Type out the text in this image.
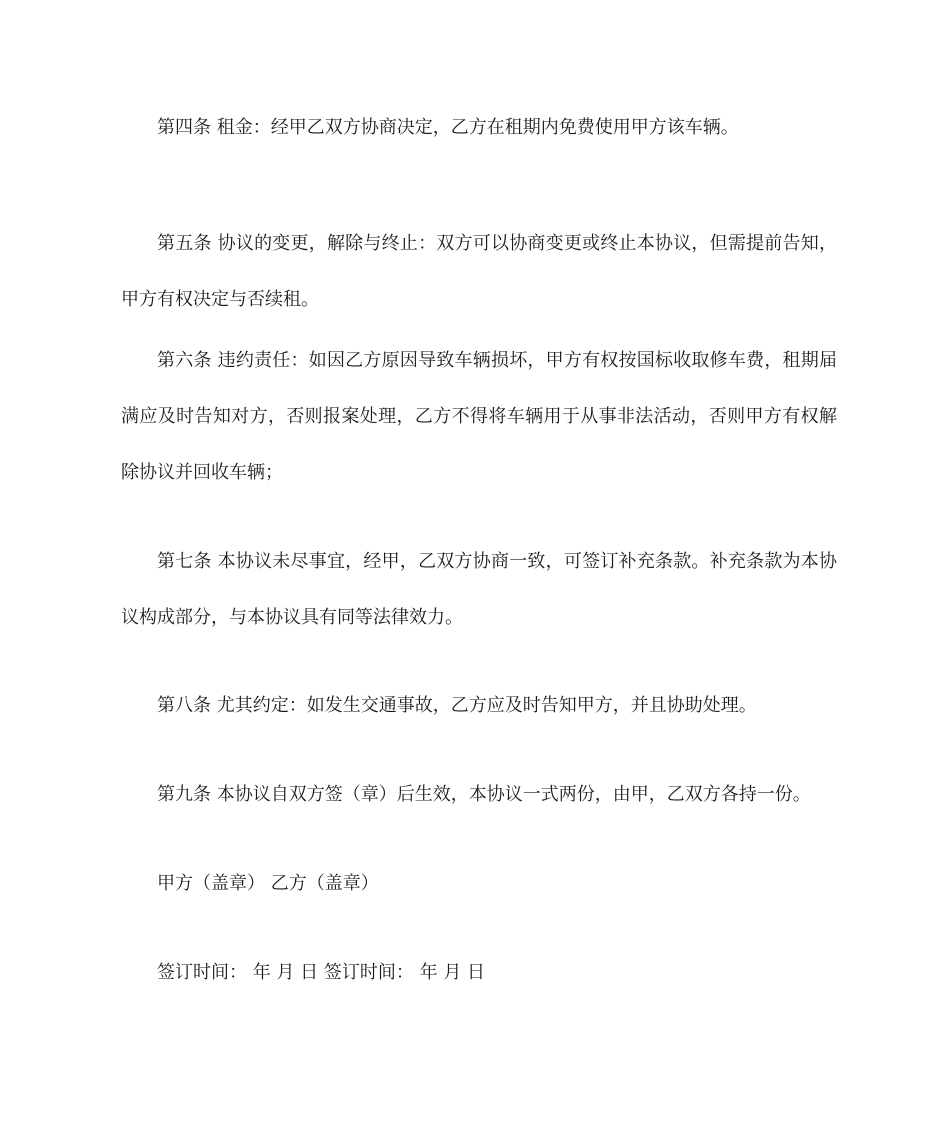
第四条 租金：经甲乙双方协商决定，乙方在租期内免费使用甲方该车辆。

第五条 协议的变更，解除与终止：双方可以协商变更或终止本协议，但需提前告知，甲方有权决定与否续租。

第六条 违约责任：如因乙方原因导致车辆损坏，甲方有权按国标收取修车费，租期届满应及时告知对方，否则报案处理，乙方不得将车辆用于从事非法活动，否则甲方有权解除协议并回收车辆；

第七条 本协议未尽事宜，经甲，乙双方协商一致，可签订补充条款。补充条款为本协议构成部分，与本协议具有同等法律效力。

第八条 尤其约定：如发生交通事故，乙方应及时告知甲方，并且协助处理。

第九条 本协议自双方签（章）后生效，本协议一式两份，由甲，乙双方各持一份。

甲方（盖章） 乙方（盖章）

签订时间： 年 月 日 签订时间： 年 月 日
